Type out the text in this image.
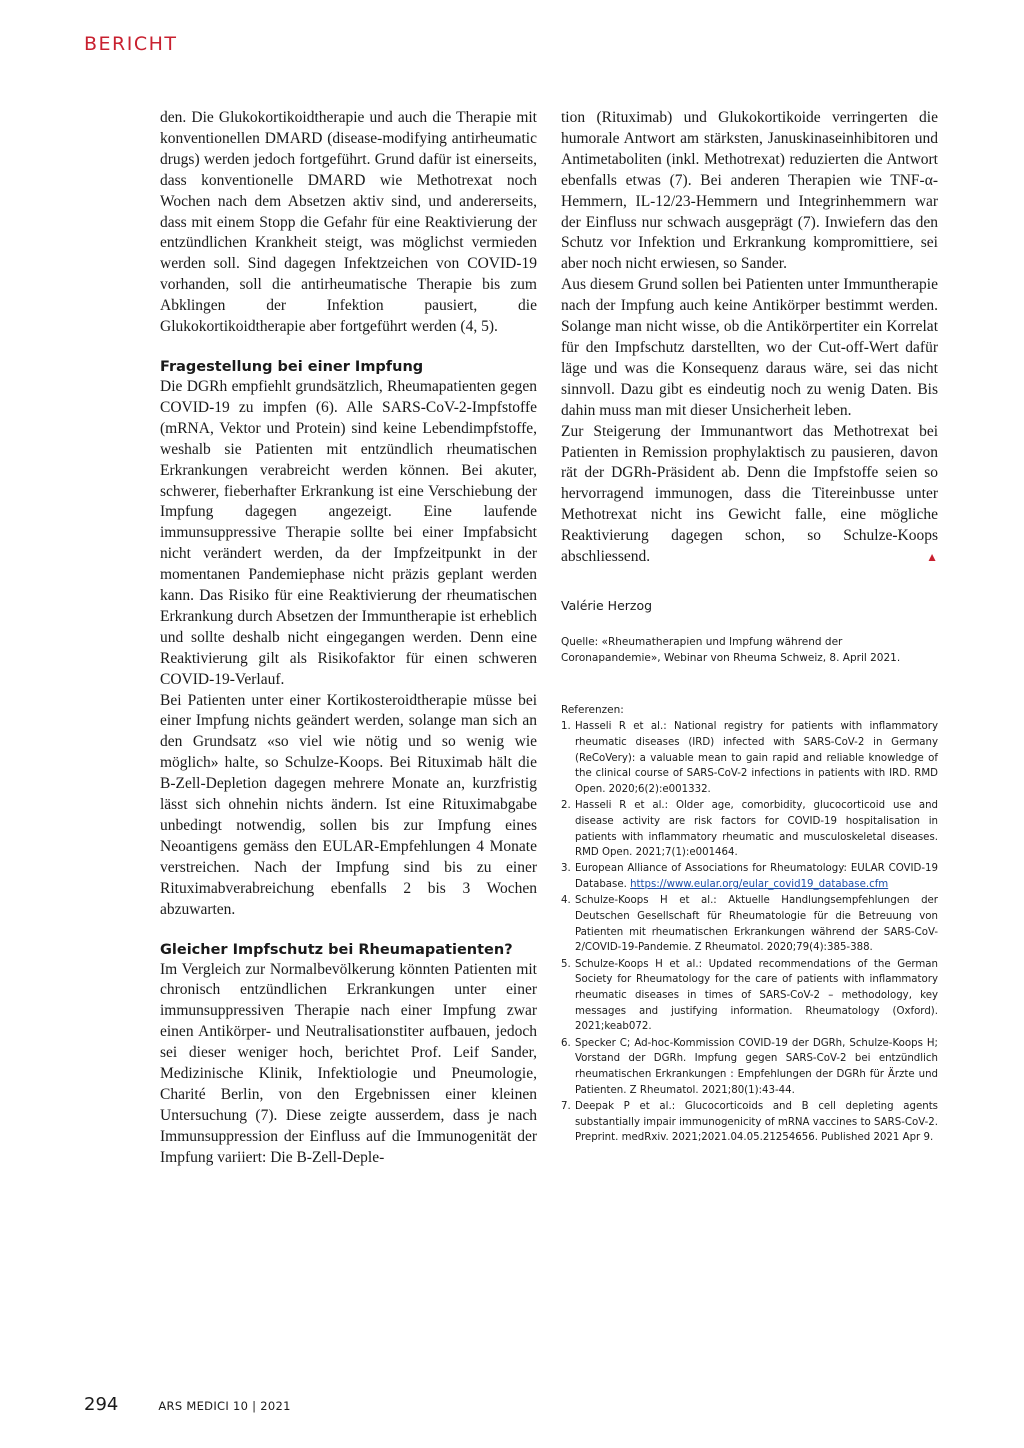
BERICHT

den. Die Glukokortikoidtherapie und auch die Therapie mit konventionellen DMARD (disease-modifying antirheumatic drugs) werden jedoch fortgeführt. Grund dafür ist einerseits, dass konventionelle DMARD wie Methotrexat noch Wochen nach dem Absetzen aktiv sind, und andererseits, dass mit einem Stopp die Gefahr für eine Reaktivierung der entzündlichen Krankheit steigt, was möglichst vermieden werden soll. Sind dagegen Infektzeichen von COVID-19 vorhanden, soll die antirheumatische Therapie bis zum Abklingen der Infektion pausiert, die Glukokortikoidtherapie aber fortgeführt werden (4, 5).

Fragestellung bei einer Impfung

Die DGRh empfiehlt grundsätzlich, Rheumapatienten gegen COVID-19 zu impfen (6). Alle SARS-CoV-2-Impfstoffe (mRNA, Vektor und Protein) sind keine Lebendimpfstoffe, weshalb sie Patienten mit entzündlich rheumatischen Erkrankungen verabreicht werden können. Bei akuter, schwerer, fieberhafter Erkrankung ist eine Verschiebung der Impfung dagegen angezeigt. Eine laufende immunsuppressive Therapie sollte bei einer Impfabsicht nicht verändert werden, da der Impfzeitpunkt in der momentanen Pandemiephase nicht präzis geplant werden kann. Das Risiko für eine Reaktivierung der rheumatischen Erkrankung durch Absetzen der Immuntherapie ist erheblich und sollte deshalb nicht eingegangen werden. Denn eine Reaktivierung gilt als Risikofaktor für einen schweren COVID-19-Verlauf.

Bei Patienten unter einer Kortikosteroidtherapie müsse bei einer Impfung nichts geändert werden, solange man sich an den Grundsatz «so viel wie nötig und so wenig wie möglich» halte, so Schulze-Koops. Bei Rituximab hält die B-Zell-Depletion dagegen mehrere Monate an, kurzfristig lässt sich ohnehin nichts ändern. Ist eine Rituximabgabe unbedingt notwendig, sollen bis zur Impfung eines Neoantigens gemäss den EULAR-Empfehlungen 4 Monate verstreichen. Nach der Impfung sind bis zu einer Rituximabverabreichung ebenfalls 2 bis 3 Wochen abzuwarten.

Gleicher Impfschutz bei Rheumapatienten?

Im Vergleich zur Normalbevölkerung könnten Patienten mit chronisch entzündlichen Erkrankungen unter einer immunsuppressiven Therapie nach einer Impfung zwar einen Antikörper- und Neutralisationstiter aufbauen, jedoch sei dieser weniger hoch, berichtet Prof. Leif Sander, Medizinische Klinik, Infektiologie und Pneumologie, Charité Berlin, von den Ergebnissen einer kleinen Untersuchung (7). Diese zeigte ausserdem, dass je nach Immunsuppression der Einfluss auf die Immunogenität der Impfung variiert: Die B-Zell-Deple-

tion (Rituximab) und Glukokortikoide verringerten die humorale Antwort am stärksten, Januskinaseinhibitoren und Antimetaboliten (inkl. Methotrexat) reduzierten die Antwort ebenfalls etwas (7). Bei anderen Therapien wie TNF-α-Hemmern, IL-12/23-Hemmern und Integrinhemmern war der Einfluss nur schwach ausgeprägt (7). Inwiefern das den Schutz vor Infektion und Erkrankung kompromittiere, sei aber noch nicht erwiesen, so Sander.

Aus diesem Grund sollen bei Patienten unter Immuntherapie nach der Impfung auch keine Antikörper bestimmt werden. Solange man nicht wisse, ob die Antikörpertiter ein Korrelat für den Impfschutz darstellten, wo der Cut-off-Wert dafür läge und was die Konsequenz daraus wäre, sei das nicht sinnvoll. Dazu gibt es eindeutig noch zu wenig Daten. Bis dahin muss man mit dieser Unsicherheit leben.

Zur Steigerung der Immunantwort das Methotrexat bei Patienten in Remission prophylaktisch zu pausieren, davon rät der DGRh-Präsident ab. Denn die Impfstoffe seien so hervorragend immunogen, dass die Titereinbusse unter Methotrexat nicht ins Gewicht falle, eine mögliche Reaktivierung dagegen schon, so Schulze-Koops abschliessend.	▲

Valérie Herzog

Quelle: «Rheumatherapien und Impfung während der Coronapandemie», Webinar von Rheuma Schweiz, 8. April 2021.

Referenzen:

1. Hasseli R et al.: National registry for patients with inflammatory rheumatic diseases (IRD) infected with SARS-CoV-2 in Germany (ReCoVery): a valuable mean to gain rapid and reliable knowledge of the clinical course of SARS-CoV-2 infections in patients with IRD. RMD Open. 2020;6(2):e001332.
2. Hasseli R et al.: Older age, comorbidity, glucocorticoid use and disease activity are risk factors for COVID-19 hospitalisation in patients with inflammatory rheumatic and musculoskeletal diseases. RMD Open. 2021;7(1):e001464.
3. European Alliance of Associations for Rheumatology: EULAR COVID-19 Database. https://www.eular.org/eular_covid19_database.cfm
4. Schulze-Koops H et al.: Aktuelle Handlungsempfehlungen der Deutschen Gesellschaft für Rheumatologie für die Betreuung von Patienten mit rheumatischen Erkrankungen während der SARS-CoV-2/COVID-19-Pandemie. Z Rheumatol. 2020;79(4):385-388.
5. Schulze-Koops H et al.: Updated recommendations of the German Society for Rheumatology for the care of patients with inflammatory rheumatic diseases in times of SARS-CoV-2 – methodology, key messages and justifying information. Rheumatology (Oxford). 2021;keab072.
6. Specker C; Ad-hoc-Kommission COVID-19 der DGRh, Schulze-Koops H; Vorstand der DGRh. Impfung gegen SARS-CoV-2 bei entzündlich rheumatischen Erkrankungen : Empfehlungen der DGRh für Ärzte und Patienten. Z Rheumatol. 2021;80(1):43-44.
7. Deepak P et al.: Glucocorticoids and B cell depleting agents substantially impair immunogenicity of mRNA vaccines to SARS-CoV-2. Preprint. medRxiv. 2021;2021.04.05.21254656. Published 2021 Apr 9.
294	ARS MEDICI 10 | 2021
